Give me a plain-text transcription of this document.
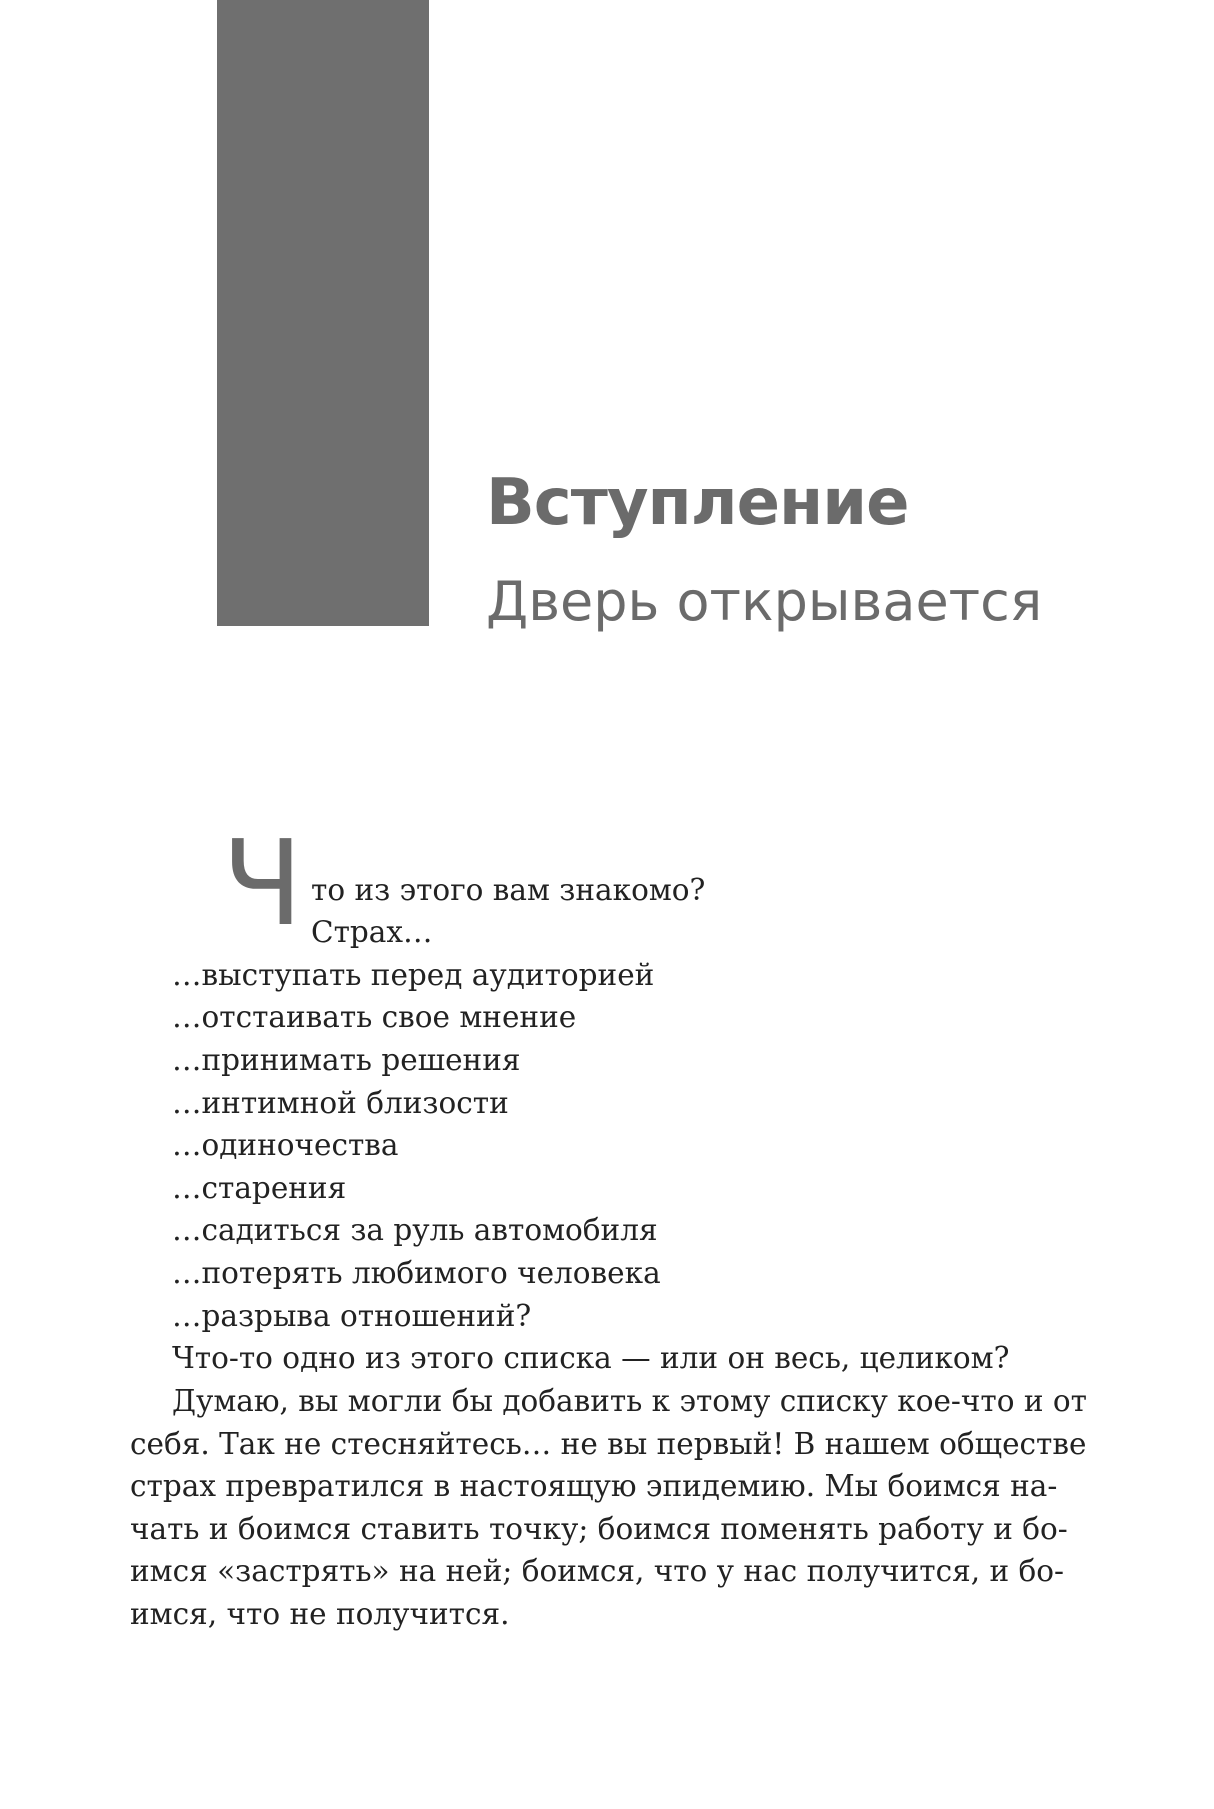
Вступление
Дверь открывается
Ч то из этого вам знакомо?
Страх…
…выступать перед аудиторией
…отстаивать свое мнение
…принимать решения
…интимной близости
…одиночества
…старения
…садиться за руль автомобиля
…потерять любимого человека
…разрыва отношений?
Что-то одно из этого списка — или он весь, целиком?
Думаю, вы могли бы добавить к этому списку кое-что и от
себя. Так не стесняйтесь… не вы первый! В нашем обществе
страх превратился в настоящую эпидемию. Мы боимся на-
чать и боимся ставить точку; боимся поменять работу и бо-
имся «застрять» на ней; боимся, что у нас получится, и бо-
имся, что не получится.
